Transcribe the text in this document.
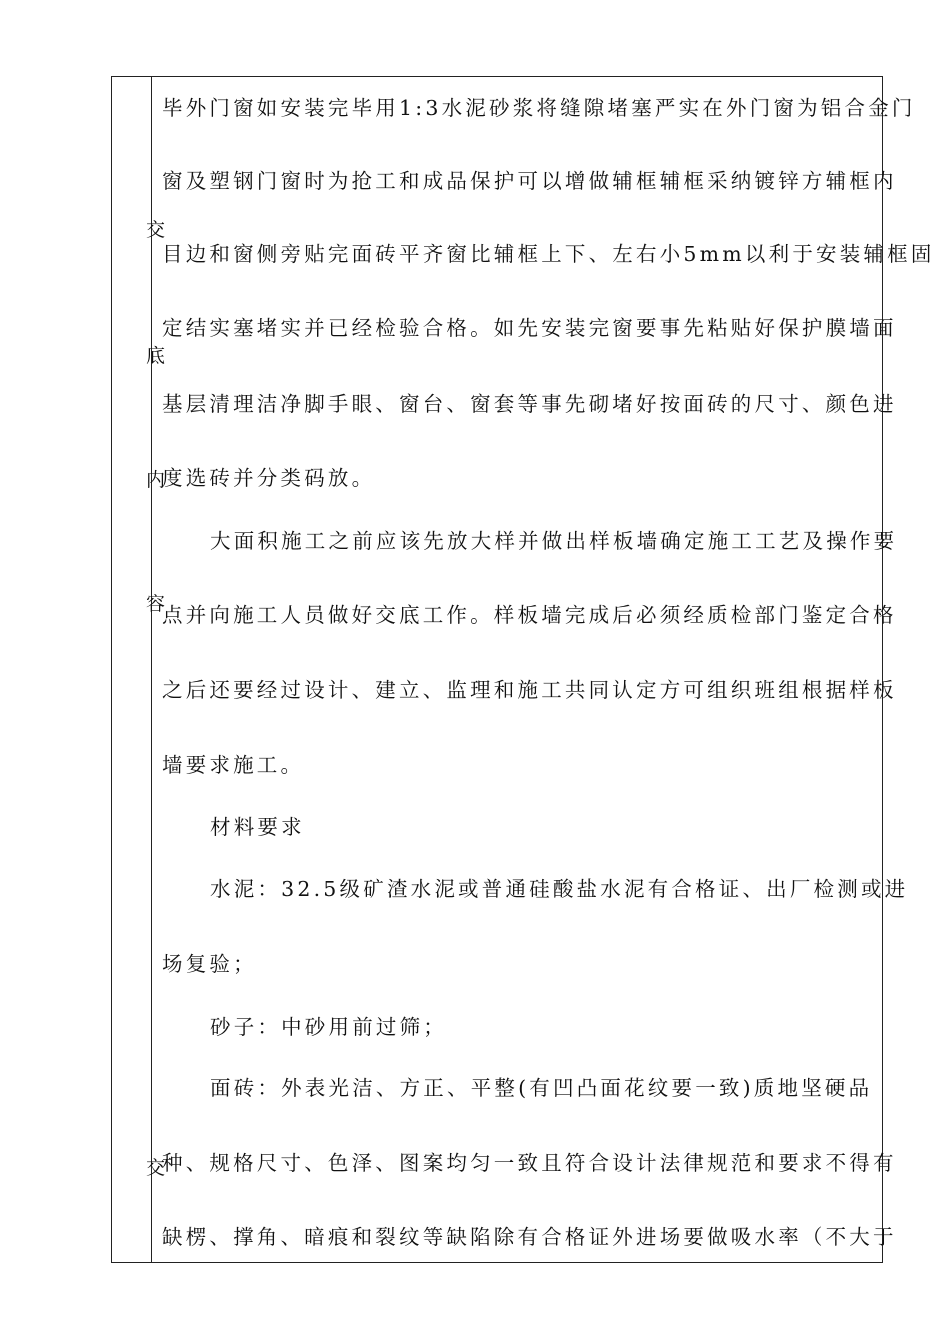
交
底
内
容
交
毕外门窗如安装完毕用1:3水泥砂浆将缝隙堵塞严实在外门窗为铝合金门
窗及塑钢门窗时为抢工和成品保护可以增做辅框辅框采纳镀锌方辅框内
目边和窗侧旁贴完面砖平齐窗比辅框上下、左右小5mm以利于安装辅框固
定结实塞堵实并已经检验合格。如先安装完窗要事先粘贴好保护膜墙面
基层清理洁净脚手眼、窗台、窗套等事先砌堵好按面砖的尺寸、颜色进
度选砖并分类码放。
大面积施工之前应该先放大样并做出样板墙确定施工工艺及操作要
点并向施工人员做好交底工作。样板墙完成后必须经质检部门鉴定合格
之后还要经过设计、建立、监理和施工共同认定方可组织班组根据样板
墙要求施工。
材料要求
水泥：32.5级矿渣水泥或普通硅酸盐水泥有合格证、出厂检测或进
场复验；
砂子：中砂用前过筛；
面砖：外表光洁、方正、平整(有凹凸面花纹要一致)质地坚硬品
种、规格尺寸、色泽、图案均匀一致且符合设计法律规范和要求不得有
缺楞、撑角、暗痕和裂纹等缺陷除有合格证外进场要做吸水率（不大于
